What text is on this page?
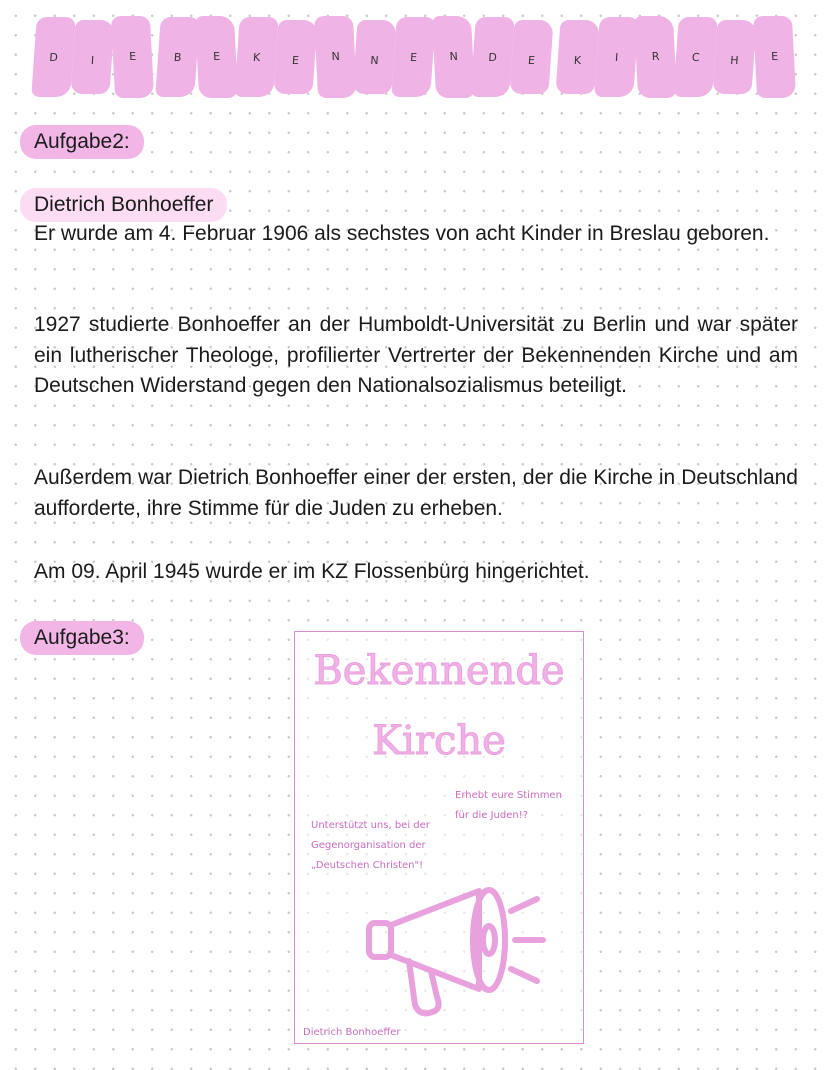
D	I	E	B	E	K	E	N	N	E	N	D	E	K	I	R	C	H	E
Aufgabe2:
Dietrich Bonhoeffer

Er wurde am 4. Februar 1906 als sechstes von acht Kinder in Breslau geboren.

1927 studierte Bonhoeffer an der Humboldt-Universität zu Berlin und war später ein lutherischer Theologe, profilierter Vertrerter der Bekennenden Kirche und am Deutschen Widerstand gegen den Nationalsozialismus beteiligt.

Außerdem war Dietrich Bonhoeffer einer der ersten, der die Kirche in Deutschland aufforderte, ihre Stimme für die Juden zu erheben.

Am 09. April 1945 wurde er im KZ Flossenbürg hingerichtet.

Aufgabe3:
Bekennende
Kirche
Erhebt eure Stimmen
für die Juden!?
Unterstützt uns, bei der
Gegenorganisation der
„Deutschen Christen"!
Dietrich Bonhoeffer
